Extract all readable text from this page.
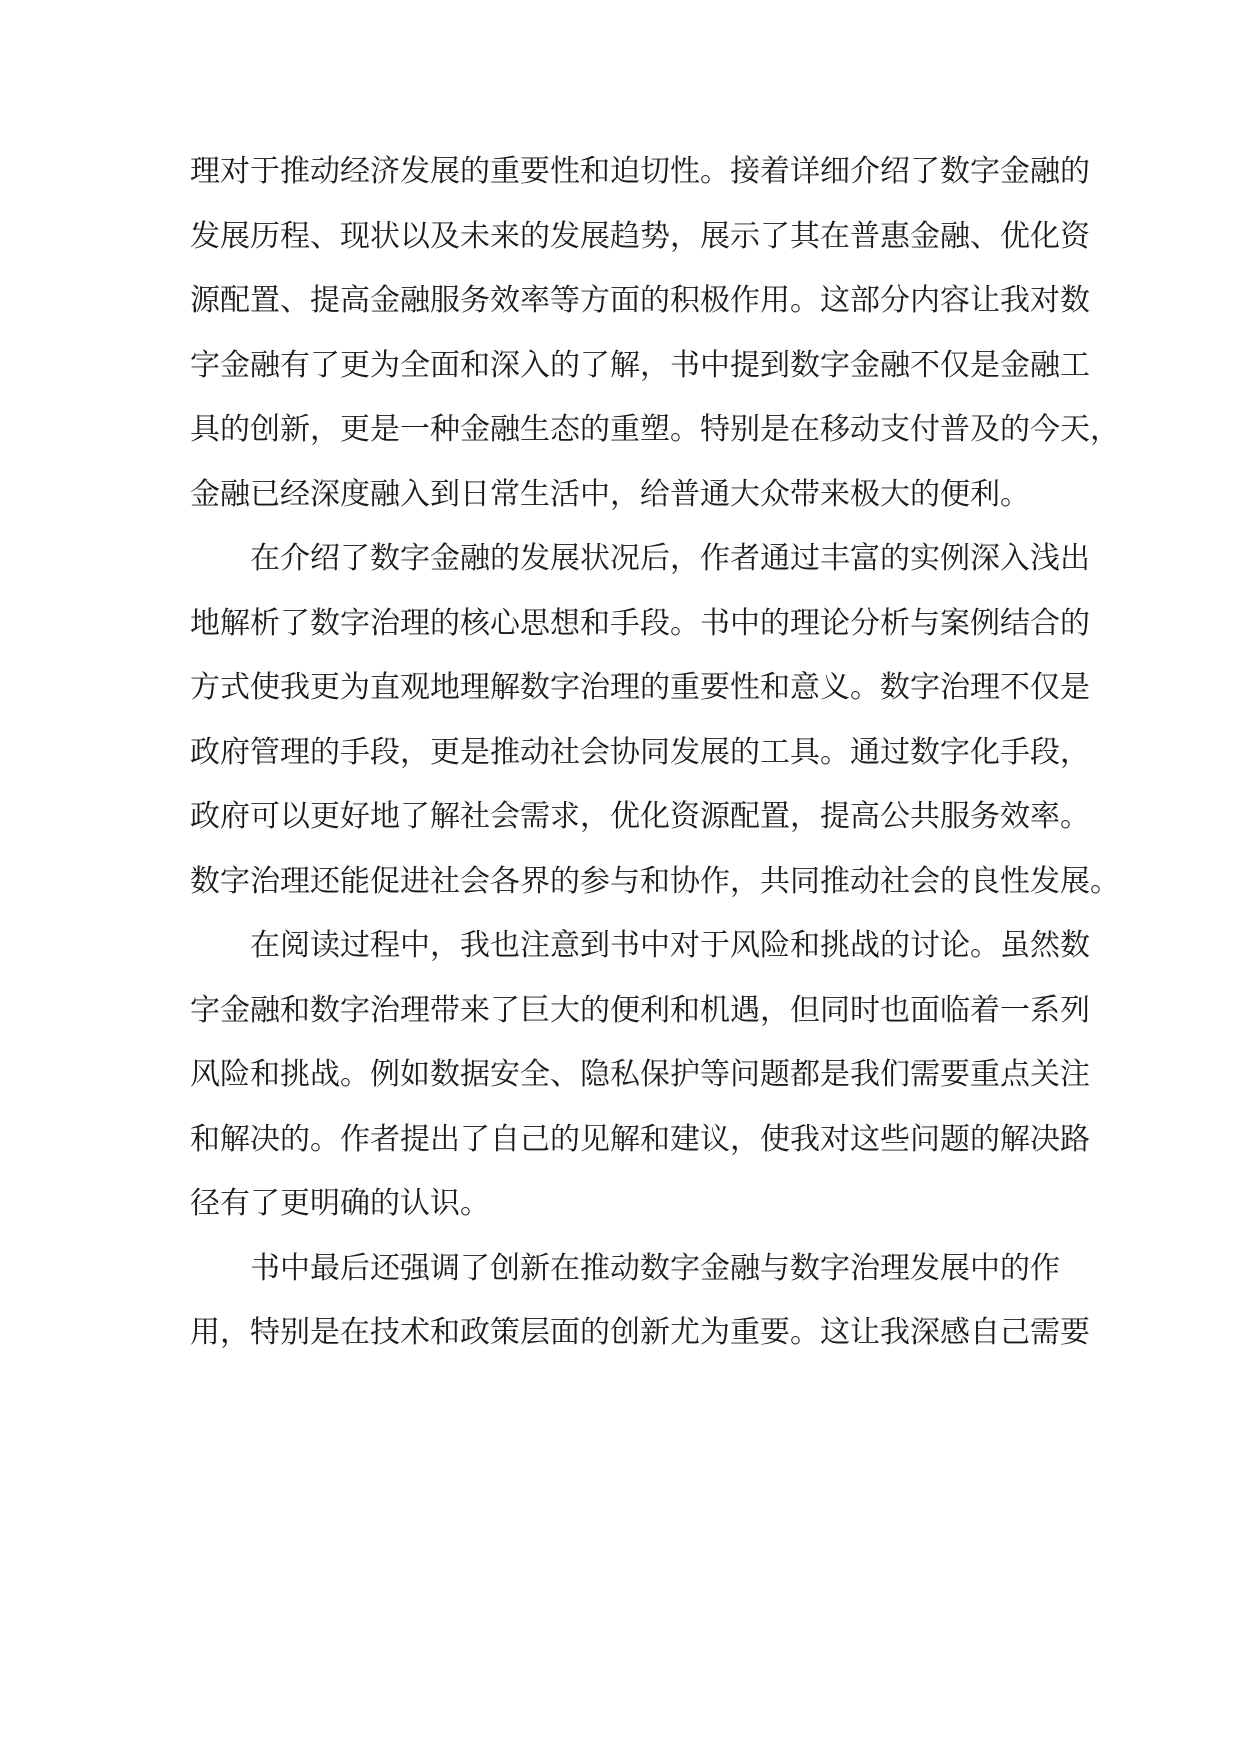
理对于推动经济发展的重要性和迫切性。接着详细介绍了数字金融的
发展历程、现状以及未来的发展趋势，展示了其在普惠金融、优化资
源配置、提高金融服务效率等方面的积极作用。这部分内容让我对数
字金融有了更为全面和深入的了解，书中提到数字金融不仅是金融工
具的创新，更是一种金融生态的重塑。特别是在移动支付普及的今天，
金融已经深度融入到日常生活中，给普通大众带来极大的便利。
在介绍了数字金融的发展状况后，作者通过丰富的实例深入浅出
地解析了数字治理的核心思想和手段。书中的理论分析与案例结合的
方式使我更为直观地理解数字治理的重要性和意义。数字治理不仅是
政府管理的手段，更是推动社会协同发展的工具。通过数字化手段，
政府可以更好地了解社会需求，优化资源配置，提高公共服务效率。
数字治理还能促进社会各界的参与和协作，共同推动社会的良性发展。
在阅读过程中，我也注意到书中对于风险和挑战的讨论。虽然数
字金融和数字治理带来了巨大的便利和机遇，但同时也面临着一系列
风险和挑战。例如数据安全、隐私保护等问题都是我们需要重点关注
和解决的。作者提出了自己的见解和建议，使我对这些问题的解决路
径有了更明确的认识。
书中最后还强调了创新在推动数字金融与数字治理发展中的作
用，特别是在技术和政策层面的创新尤为重要。这让我深感自己需要
